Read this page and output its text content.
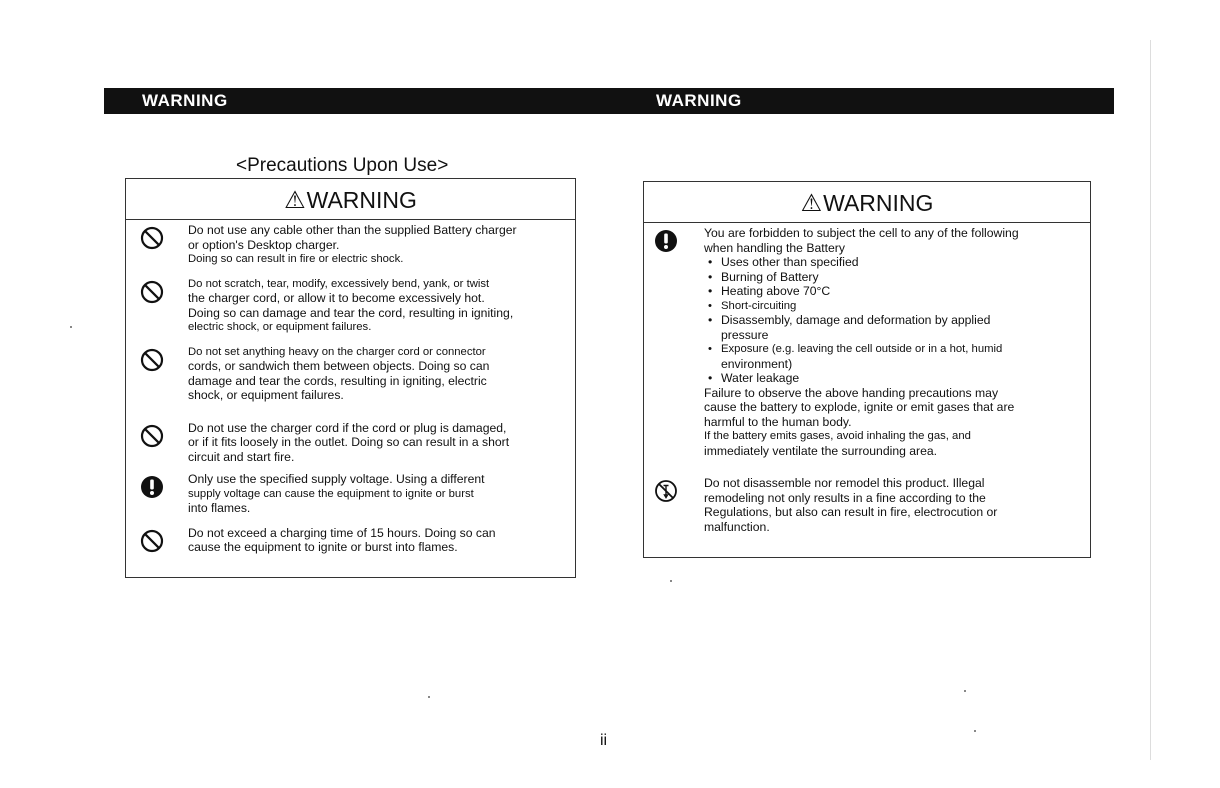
WARNING	WARNING
<Precautions Upon Use>
⚠WARNING
Do not use any cable other than the supplied Battery charger
or option's Desktop charger.
Doing so can result in fire or electric shock.
Do not scratch, tear, modify, excessively bend, yank, or twist
the charger cord, or allow it to become excessively hot.
Doing so can damage and tear the cord, resulting in igniting,
electric shock, or equipment failures.
Do not set anything heavy on the charger cord or connector
cords, or sandwich them between objects. Doing so can
damage and tear the cords, resulting in igniting, electric
shock, or equipment failures.
Do not use the charger cord if the cord or plug is damaged,
or if it fits loosely in the outlet. Doing so can result in a short
circuit and start fire.
Only use the specified supply voltage. Using a different
supply voltage can cause the equipment to ignite or burst
into flames.
Do not exceed a charging time of 15 hours. Doing so can
cause the equipment to ignite or burst into flames.
⚠WARNING
You are forbidden to subject the cell to any of the following
when handling the Battery
• Uses other than specified
• Burning of Battery
• Heating above 70°C
• Short-circuiting
• Disassembly, damage and deformation by applied
pressure
• Exposure (e.g. leaving the cell outside or in a hot, humid
environment)
• Water leakage
Failure to observe the above handing precautions may
cause the battery to explode, ignite or emit gases that are
harmful to the human body.
If the battery emits gases, avoid inhaling the gas, and
immediately ventilate the surrounding area.
Do not disassemble nor remodel this product. Illegal
remodeling not only results in a fine according to the
Regulations, but also can result in fire, electrocution or
malfunction.
ii
